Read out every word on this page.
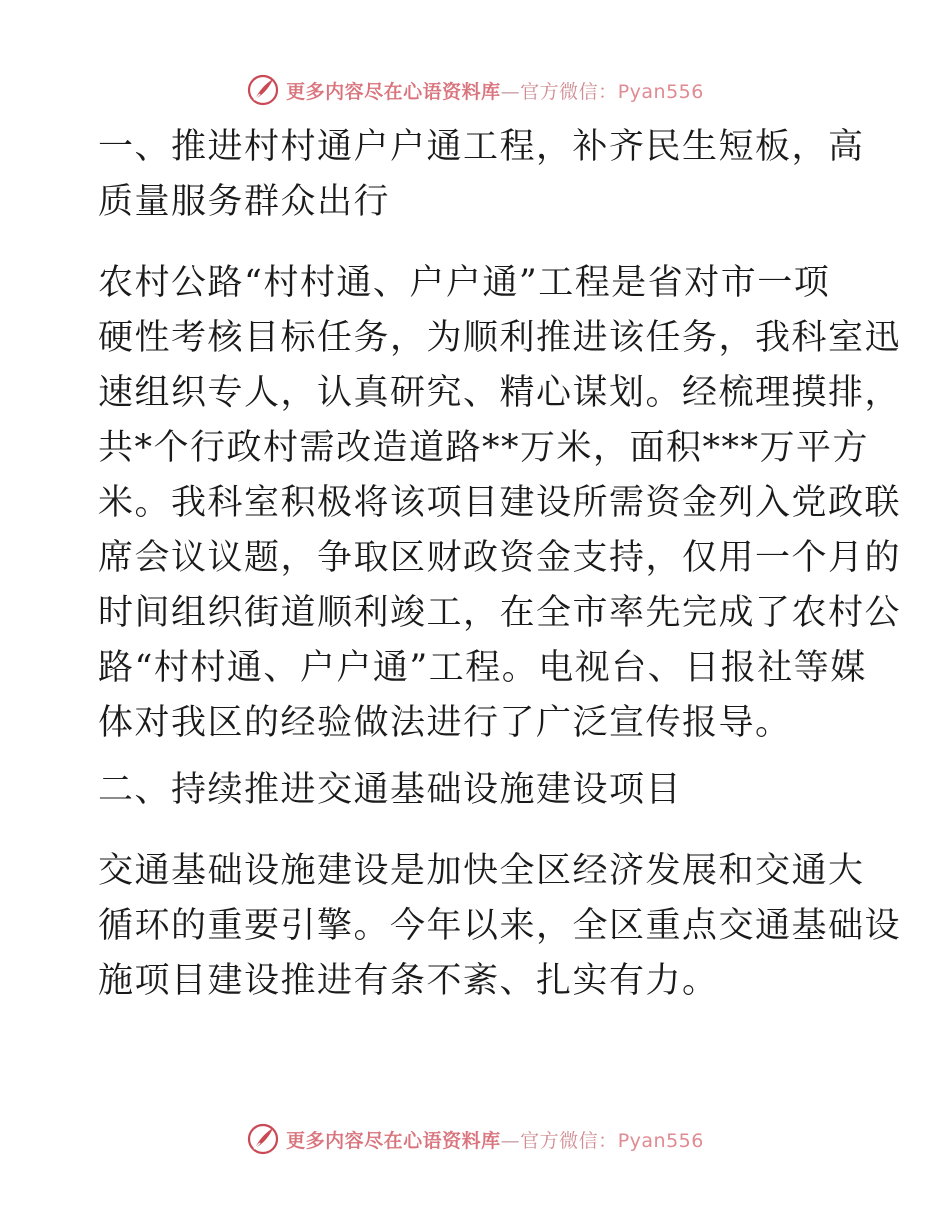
更多内容尽在心语资料库—官方微信：Pyan556
一、推进村村通户户通工程，补齐民生短板，高
质量服务群众出行
农村公路“村村通、户户通”工程是省对市一项
硬性考核目标任务，为顺利推进该任务，我科室迅
速组织专人，认真研究、精心谋划。经梳理摸排，
共*个行政村需改造道路**万米，面积***万平方
米。我科室积极将该项目建设所需资金列入党政联
席会议议题，争取区财政资金支持，仅用一个月的
时间组织街道顺利竣工，在全市率先完成了农村公
路“村村通、户户通”工程。电视台、日报社等媒
体对我区的经验做法进行了广泛宣传报导。
二、持续推进交通基础设施建设项目
交通基础设施建设是加快全区经济发展和交通大
循环的重要引擎。今年以来，全区重点交通基础设
施项目建设推进有条不紊、扎实有力。
更多内容尽在心语资料库—官方微信：Pyan556
